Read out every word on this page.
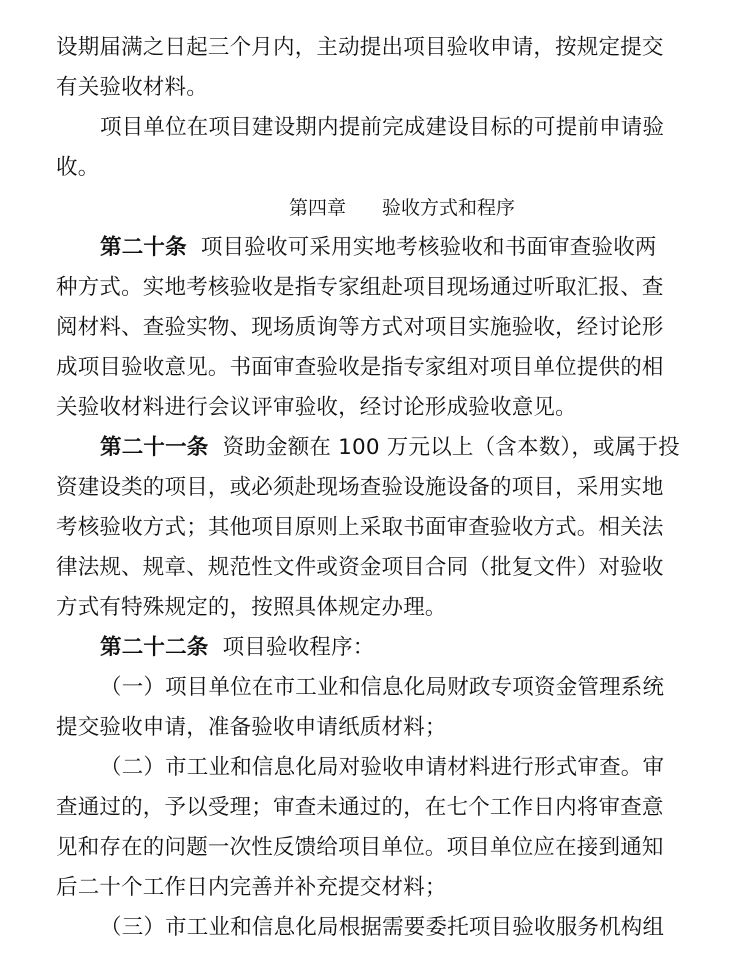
设期届满之日起三个月内，主动提出项目验收申请，按规定提交
有关验收材料。
项目单位在项目建设期内提前完成建设目标的可提前申请验
收。
第四章 验收方式和程序
第二十条 项目验收可采用实地考核验收和书面审查验收两
种方式。实地考核验收是指专家组赴项目现场通过听取汇报、查
阅材料、查验实物、现场质询等方式对项目实施验收，经讨论形
成项目验收意见。书面审查验收是指专家组对项目单位提供的相
关验收材料进行会议评审验收，经讨论形成验收意见。
第二十一条 资助金额在 100 万元以上（含本数），或属于投
资建设类的项目，或必须赴现场查验设施设备的项目，采用实地
考核验收方式；其他项目原则上采取书面审查验收方式。相关法
律法规、规章、规范性文件或资金项目合同（批复文件）对验收
方式有特殊规定的，按照具体规定办理。
第二十二条 项目验收程序：
（一）项目单位在市工业和信息化局财政专项资金管理系统
提交验收申请，准备验收申请纸质材料；
（二）市工业和信息化局对验收申请材料进行形式审查。审
查通过的，予以受理；审查未通过的，在七个工作日内将审查意
见和存在的问题一次性反馈给项目单位。项目单位应在接到通知
后二十个工作日内完善并补充提交材料；
（三）市工业和信息化局根据需要委托项目验收服务机构组
